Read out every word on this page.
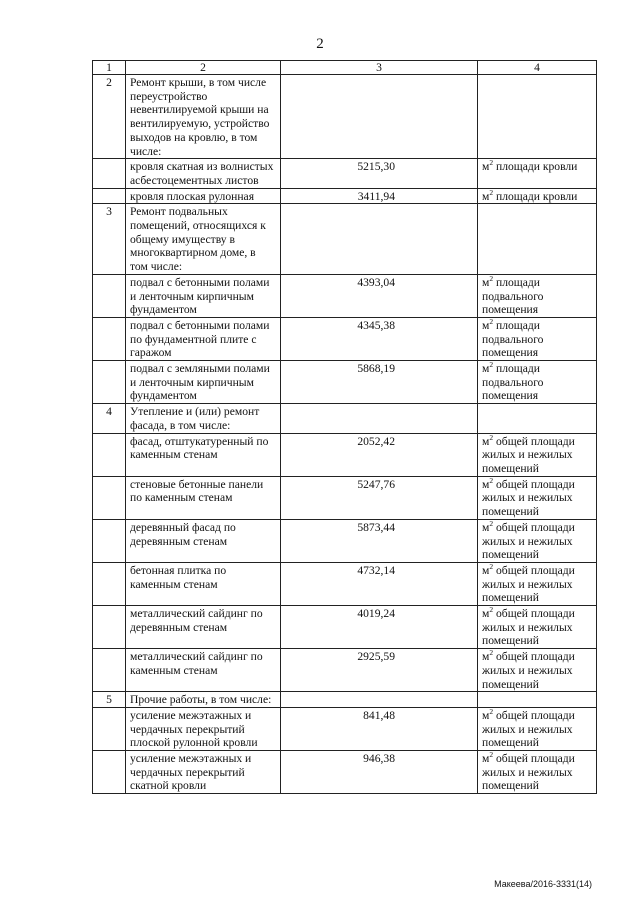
2
1	2	3	4
2	Ремонт крыши, в том числе переустройство невентилируемой крыши на вентилируемую, устройство выходов на кровлю, в том числе:		
	кровля скатная из волнистых асбестоцементных листов	5215,30	$м^2$ площади кровли
	кровля плоская рулонная	3411,94	$м^2$ площади кровли
3	Ремонт подвальных помещений, относящихся к общему имуществу в многоквартирном доме, в том числе:		
	подвал с бетонными полами и ленточным кирпичным фундаментом	4393,04	$м^2$ площади подвального помещения
	подвал с бетонными полами по фундаментной плите с гаражом	4345,38	$м^2$ площади подвального помещения
	подвал с земляными полами и ленточным кирпичным фундаментом	5868,19	$м^2$ площади подвального помещения
4	Утепление и (или) ремонт фасада, в том числе:		
	фасад, отштукатуренный по каменным стенам	2052,42	$м^2$ общей площади жилых и нежилых помещений
	стеновые бетонные панели по каменным стенам	5247,76	$м^2$ общей площади жилых и нежилых помещений
	деревянный фасад по деревянным стенам	5873,44	$м^2$ общей площади жилых и нежилых помещений
	бетонная плитка по каменным стенам	4732,14	$м^2$ общей площади жилых и нежилых помещений
	металлический сайдинг по деревянным стенам	4019,24	$м^2$ общей площади жилых и нежилых помещений
	металлический сайдинг по каменным стенам	2925,59	$м^2$ общей площади жилых и нежилых помещений
5	Прочие работы, в том числе:		
	усиление межэтажных и чердачных перекрытий плоской рулонной кровли	841,48	$м^2$ общей площади жилых и нежилых помещений
	усиление межэтажных и чердачных перекрытий скатной кровли	946,38	$м^2$ общей площади жилых и нежилых помещений
Макеева/2016-3331(14)
